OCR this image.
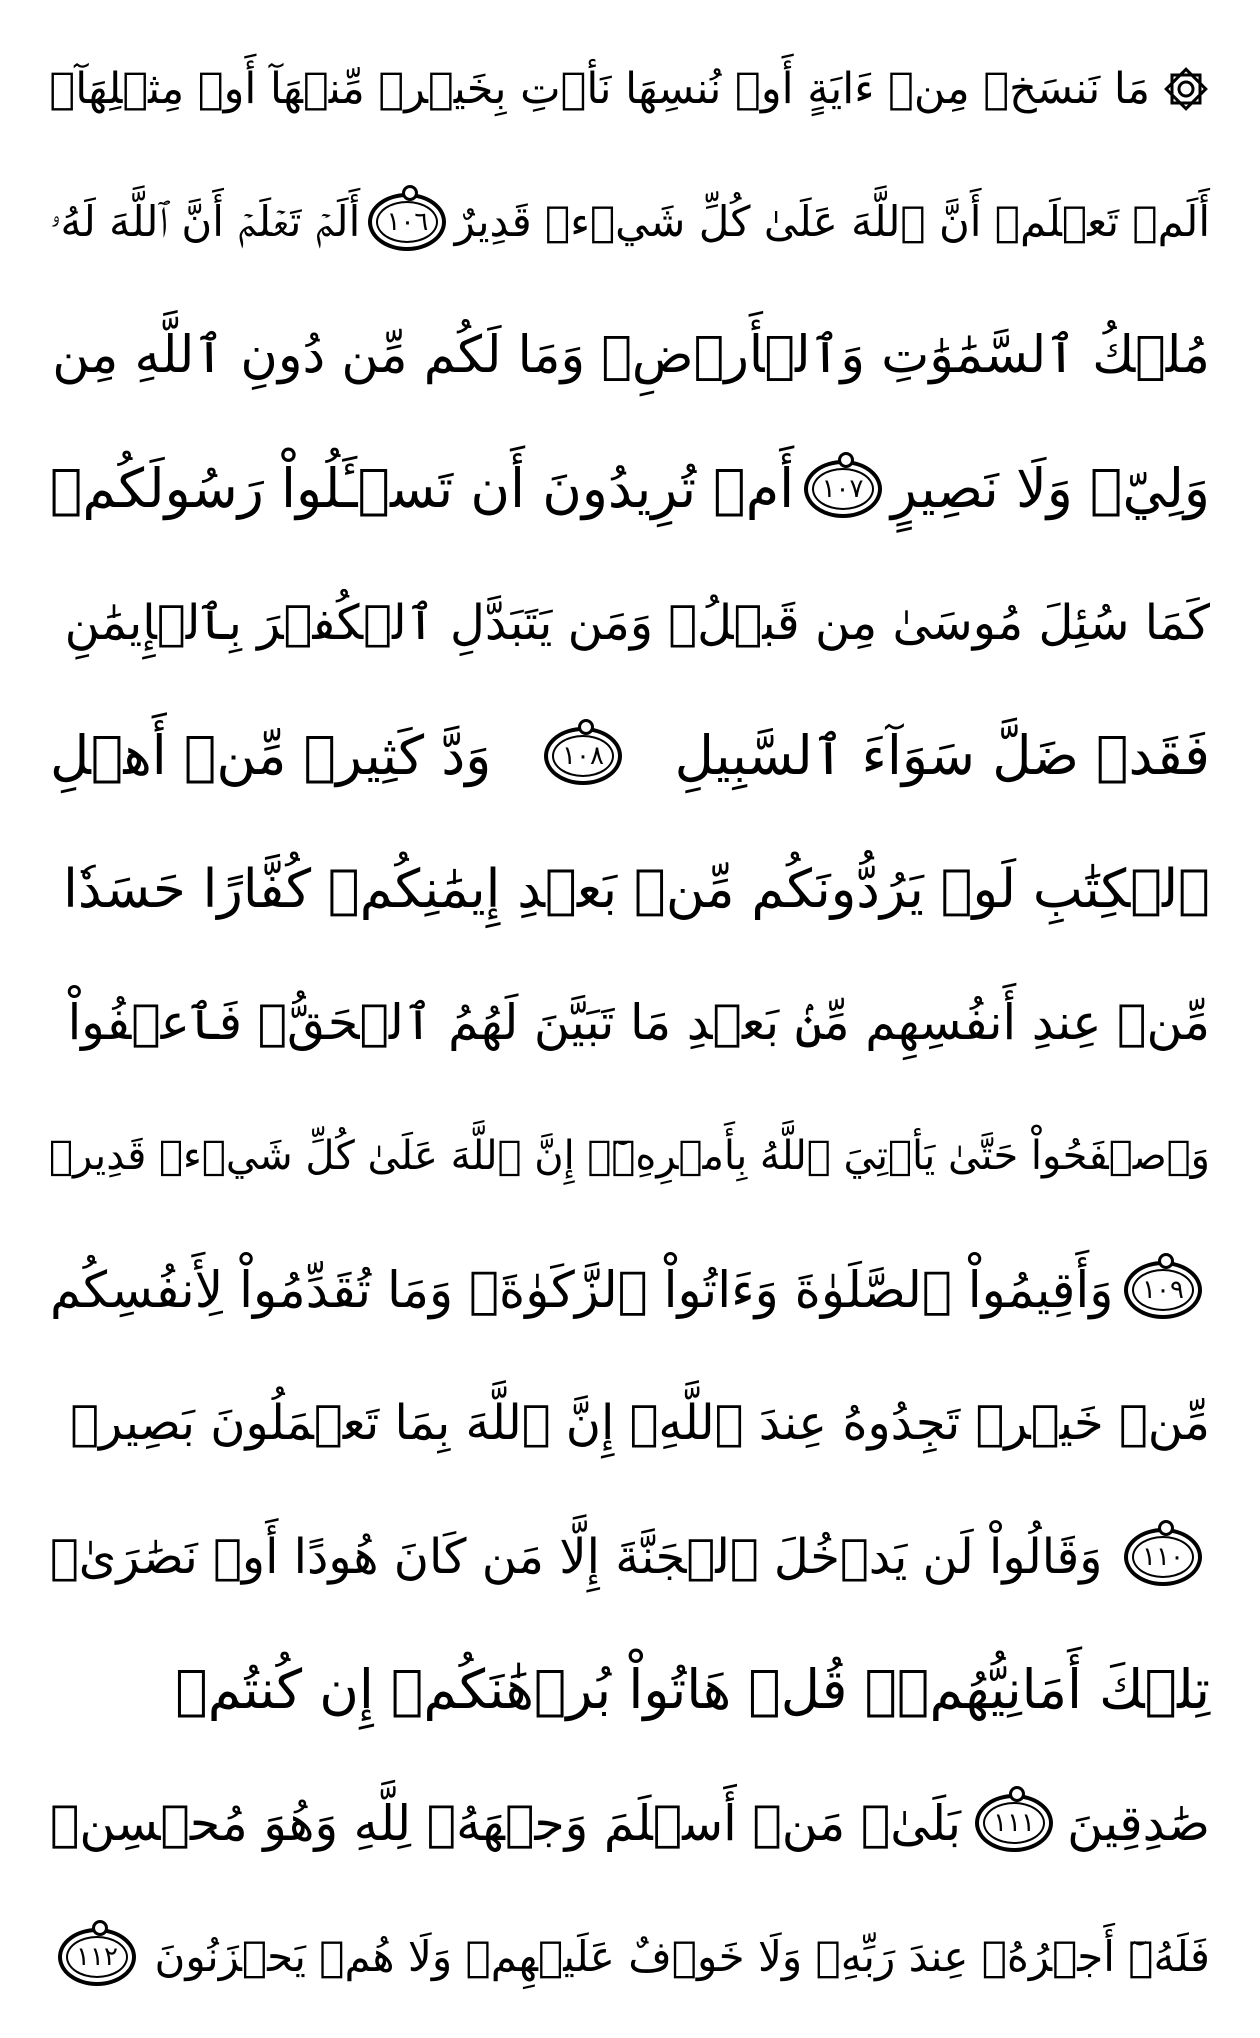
مَا نَنسَخۡ مِنۡ ءَايَةٍ أَوۡ نُنسِهَا نَأۡتِ بِخَيۡرٖ مِّنۡهَآ أَوۡ مِثۡلِهَآۗ
أَلَمۡ تَعۡلَمۡ أَنَّ ٱللَّهَ عَلَىٰ كُلِّ شَيۡءٖ قَدِيرٌ
١٠٦
أَلَمۡ تَعۡلَمۡ أَنَّ ٱللَّهَ لَهُۥ
مُلۡكُ ٱلسَّمَٰوَٰتِ وَٱلۡأَرۡضِۗ وَمَا لَكُم مِّن دُونِ ٱللَّهِ مِن
وَلِيّٖ وَلَا نَصِيرٍ
١٠٧
أَمۡ تُرِيدُونَ أَن تَسۡـَٔلُواْ رَسُولَكُمۡ
كَمَا سُئِلَ مُوسَىٰ مِن قَبۡلُۗ وَمَن يَتَبَدَّلِ ٱلۡكُفۡرَ بِٱلۡإِيمَٰنِ
فَقَدۡ ضَلَّ سَوَآءَ ٱلسَّبِيلِ
١٠٨
وَدَّ كَثِيرٞ مِّنۡ أَهۡلِ
ٱلۡكِتَٰبِ لَوۡ يَرُدُّونَكُم مِّنۢ بَعۡدِ إِيمَٰنِكُمۡ كُفَّارًا حَسَدٗا
مِّنۡ عِندِ أَنفُسِهِم مِّنۢ بَعۡدِ مَا تَبَيَّنَ لَهُمُ ٱلۡحَقُّۖ فَٱعۡفُواْ
وَٱصۡفَحُواْ حَتَّىٰ يَأۡتِيَ ٱللَّهُ بِأَمۡرِهِۦٓۗ إِنَّ ٱللَّهَ عَلَىٰ كُلِّ شَيۡءٖ قَدِيرٞ
١٠٩
وَأَقِيمُواْ ٱلصَّلَوٰةَ وَءَاتُواْ ٱلزَّكَوٰةَۚ وَمَا تُقَدِّمُواْ لِأَنفُسِكُم
مِّنۡ خَيۡرٖ تَجِدُوهُ عِندَ ٱللَّهِۗ إِنَّ ٱللَّهَ بِمَا تَعۡمَلُونَ بَصِيرٞ
١١٠
وَقَالُواْ لَن يَدۡخُلَ ٱلۡجَنَّةَ إِلَّا مَن كَانَ هُودًا أَوۡ نَصَٰرَىٰۗ
تِلۡكَ أَمَانِيُّهُمۡۗ قُلۡ هَاتُواْ بُرۡهَٰنَكُمۡ إِن كُنتُمۡ
صَٰدِقِينَ
١١١
بَلَىٰۚ مَنۡ أَسۡلَمَ وَجۡهَهُۥ لِلَّهِ وَهُوَ مُحۡسِنٞ
فَلَهُۥٓ أَجۡرُهُۥ عِندَ رَبِّهِۦ وَلَا خَوۡفٌ عَلَيۡهِمۡ وَلَا هُمۡ يَحۡزَنُونَ
١١٢
